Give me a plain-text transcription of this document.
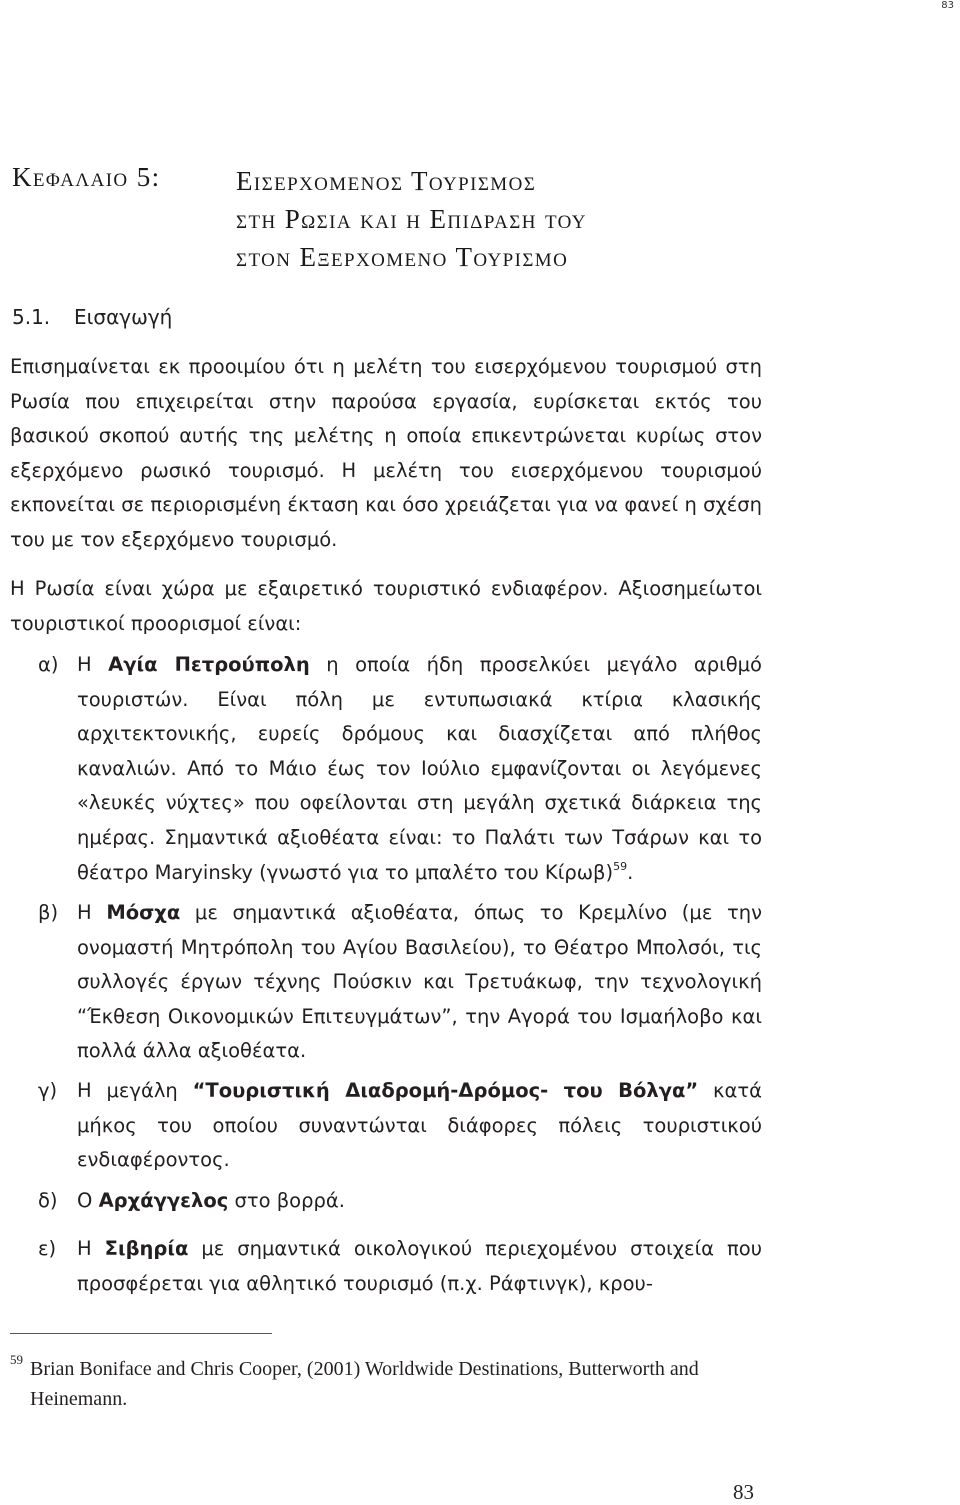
83
Κεφαλαιο 5:	Εισερχομενος Τουρισμος
στη Ρωσια και η Επιδραση του
στον Εξερχομενο Τουρισμο
5.1. Εισαγωγή
Επισημαίνεται εκ προοιμίου ότι η μελέτη του εισερχόμενου τουρισμού στη Ρωσία που επιχειρείται στην παρούσα εργασία, ευρίσκεται εκτός του βασικού σκοπού αυτής της μελέτης η οποία επικεντρώνεται κυρίως στον εξερχόμενο ρωσικό τουρισμό. Η μελέτη του εισερχόμενου τουρισμού εκπονείται σε περιορισμένη έκταση και όσο χρειάζεται για να φανεί η σχέση του με τον εξερχόμενο τουρισμό.
Η Ρωσία είναι χώρα με εξαιρετικό τουριστικό ενδιαφέρον. Αξιοσημείωτοι τουριστικοί προορισμοί είναι:
α) Η Αγία Πετρούπολη η οποία ήδη προσελκύει μεγάλο αριθμό τουριστών. Είναι πόλη με εντυπωσιακά κτίρια κλασικής αρχιτεκτονικής, ευρείς δρόμους και διασχίζεται από πλήθος καναλιών. Από το Μάιο έως τον Ιούλιο εμφανίζονται οι λεγόμενες «λευκές νύχτες» που οφείλονται στη μεγάλη σχετικά διάρκεια της ημέρας. Σημαντικά αξιοθέατα είναι: το Παλάτι των Τσάρων και το θέατρο Maryinsky (γνωστό για το μπαλέτο του Κίρωβ)$^{59}$.
β) Η Μόσχα με σημαντικά αξιοθέατα, όπως το Κρεμλίνο (με την ονομαστή Μητρόπολη του Αγίου Βασιλείου), το Θέατρο Μπολσόι, τις συλλογές έργων τέχνης Πούσκιν και Τρετυάκωφ, την τεχνολογική “Έκθεση Οικονομικών Επιτευγμάτων”, την Αγορά του Ισμαήλοβο και πολλά άλλα αξιοθέατα.
γ) Η μεγάλη “Τουριστική Διαδρομή-Δρόμος- του Βόλγα” κατά μήκος του οποίου συναντώνται διάφορες πόλεις τουριστικού ενδιαφέροντος.
δ) Ο Αρχάγγελος στο βορρά.
ε) Η Σιβηρία με σημαντικά οικολογικού περιεχομένου στοιχεία που προσφέρεται για αθλητικό τουρισμό (π.χ. Ράφτινγκ), κρου-
59 Brian Boniface and Chris Cooper, (2001) Worldwide Destinations, Butterworth and Heinemann.
83
